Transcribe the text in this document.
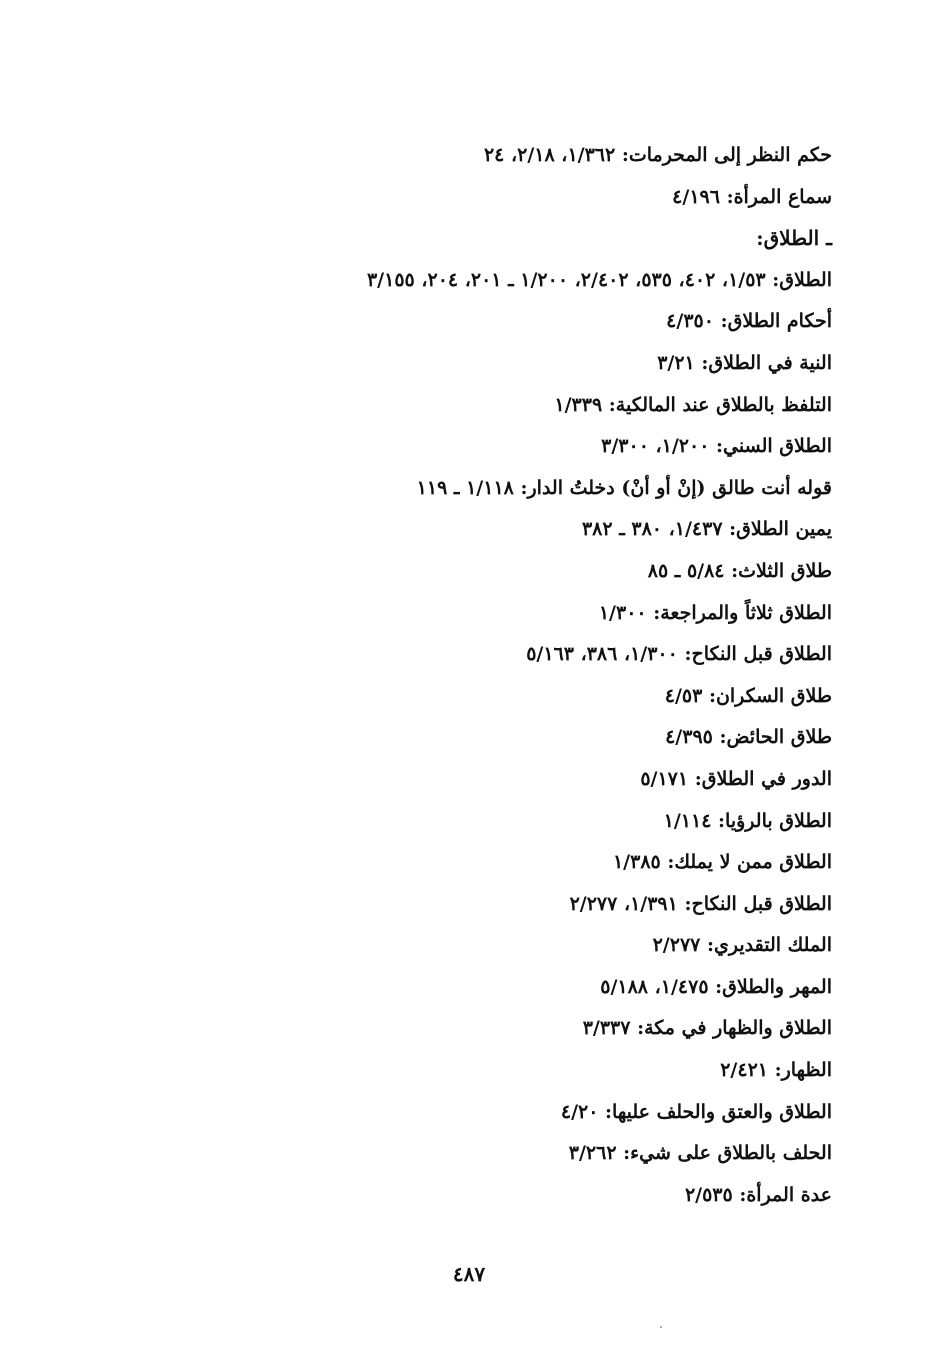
حكم النظر إلى المحرمات: ١/٣٦٢، ٢/١٨، ٢٤
سماع المرأة: ٤/١٩٦
ـ الطلاق:
الطلاق: ١/٥٣، ٤٠٢، ٥٣٥، ٢/٤٠٢، ١/٢٠٠ ـ ٢٠١، ٢٠٤، ٣/١٥٥
أحكام الطلاق: ٤/٣٥٠
النية في الطلاق: ٣/٢١
التلفظ بالطلاق عند المالكية: ١/٣٣٩
الطلاق السني: ١/٢٠٠، ٣/٣٠٠
قوله أنت طالق (إنْ أو أنْ) دخلتُ الدار: ١/١١٨ ـ ١١٩
يمين الطلاق: ١/٤٣٧، ٣٨٠ ـ ٣٨٢
طلاق الثلاث: ٥/٨٤ ـ ٨٥
الطلاق ثلاثاً والمراجعة: ١/٣٠٠
الطلاق قبل النكاح: ١/٣٠٠، ٣٨٦، ٥/١٦٣
طلاق السكران: ٤/٥٣
طلاق الحائض: ٤/٣٩٥
الدور في الطلاق: ٥/١٧١
الطلاق بالرؤيا: ١/١١٤
الطلاق ممن لا يملك: ١/٣٨٥
الطلاق قبل النكاح: ١/٣٩١، ٢/٢٧٧
الملك التقديري: ٢/٢٧٧
المهر والطلاق: ١/٤٧٥، ٥/١٨٨
الطلاق والظهار في مكة: ٣/٣٣٧
الظهار: ٢/٤٢١
الطلاق والعتق والحلف عليها: ٤/٢٠
الحلف بالطلاق على شيء: ٣/٢٦٢
عدة المرأة: ٢/٥٣٥
٤٨٧
